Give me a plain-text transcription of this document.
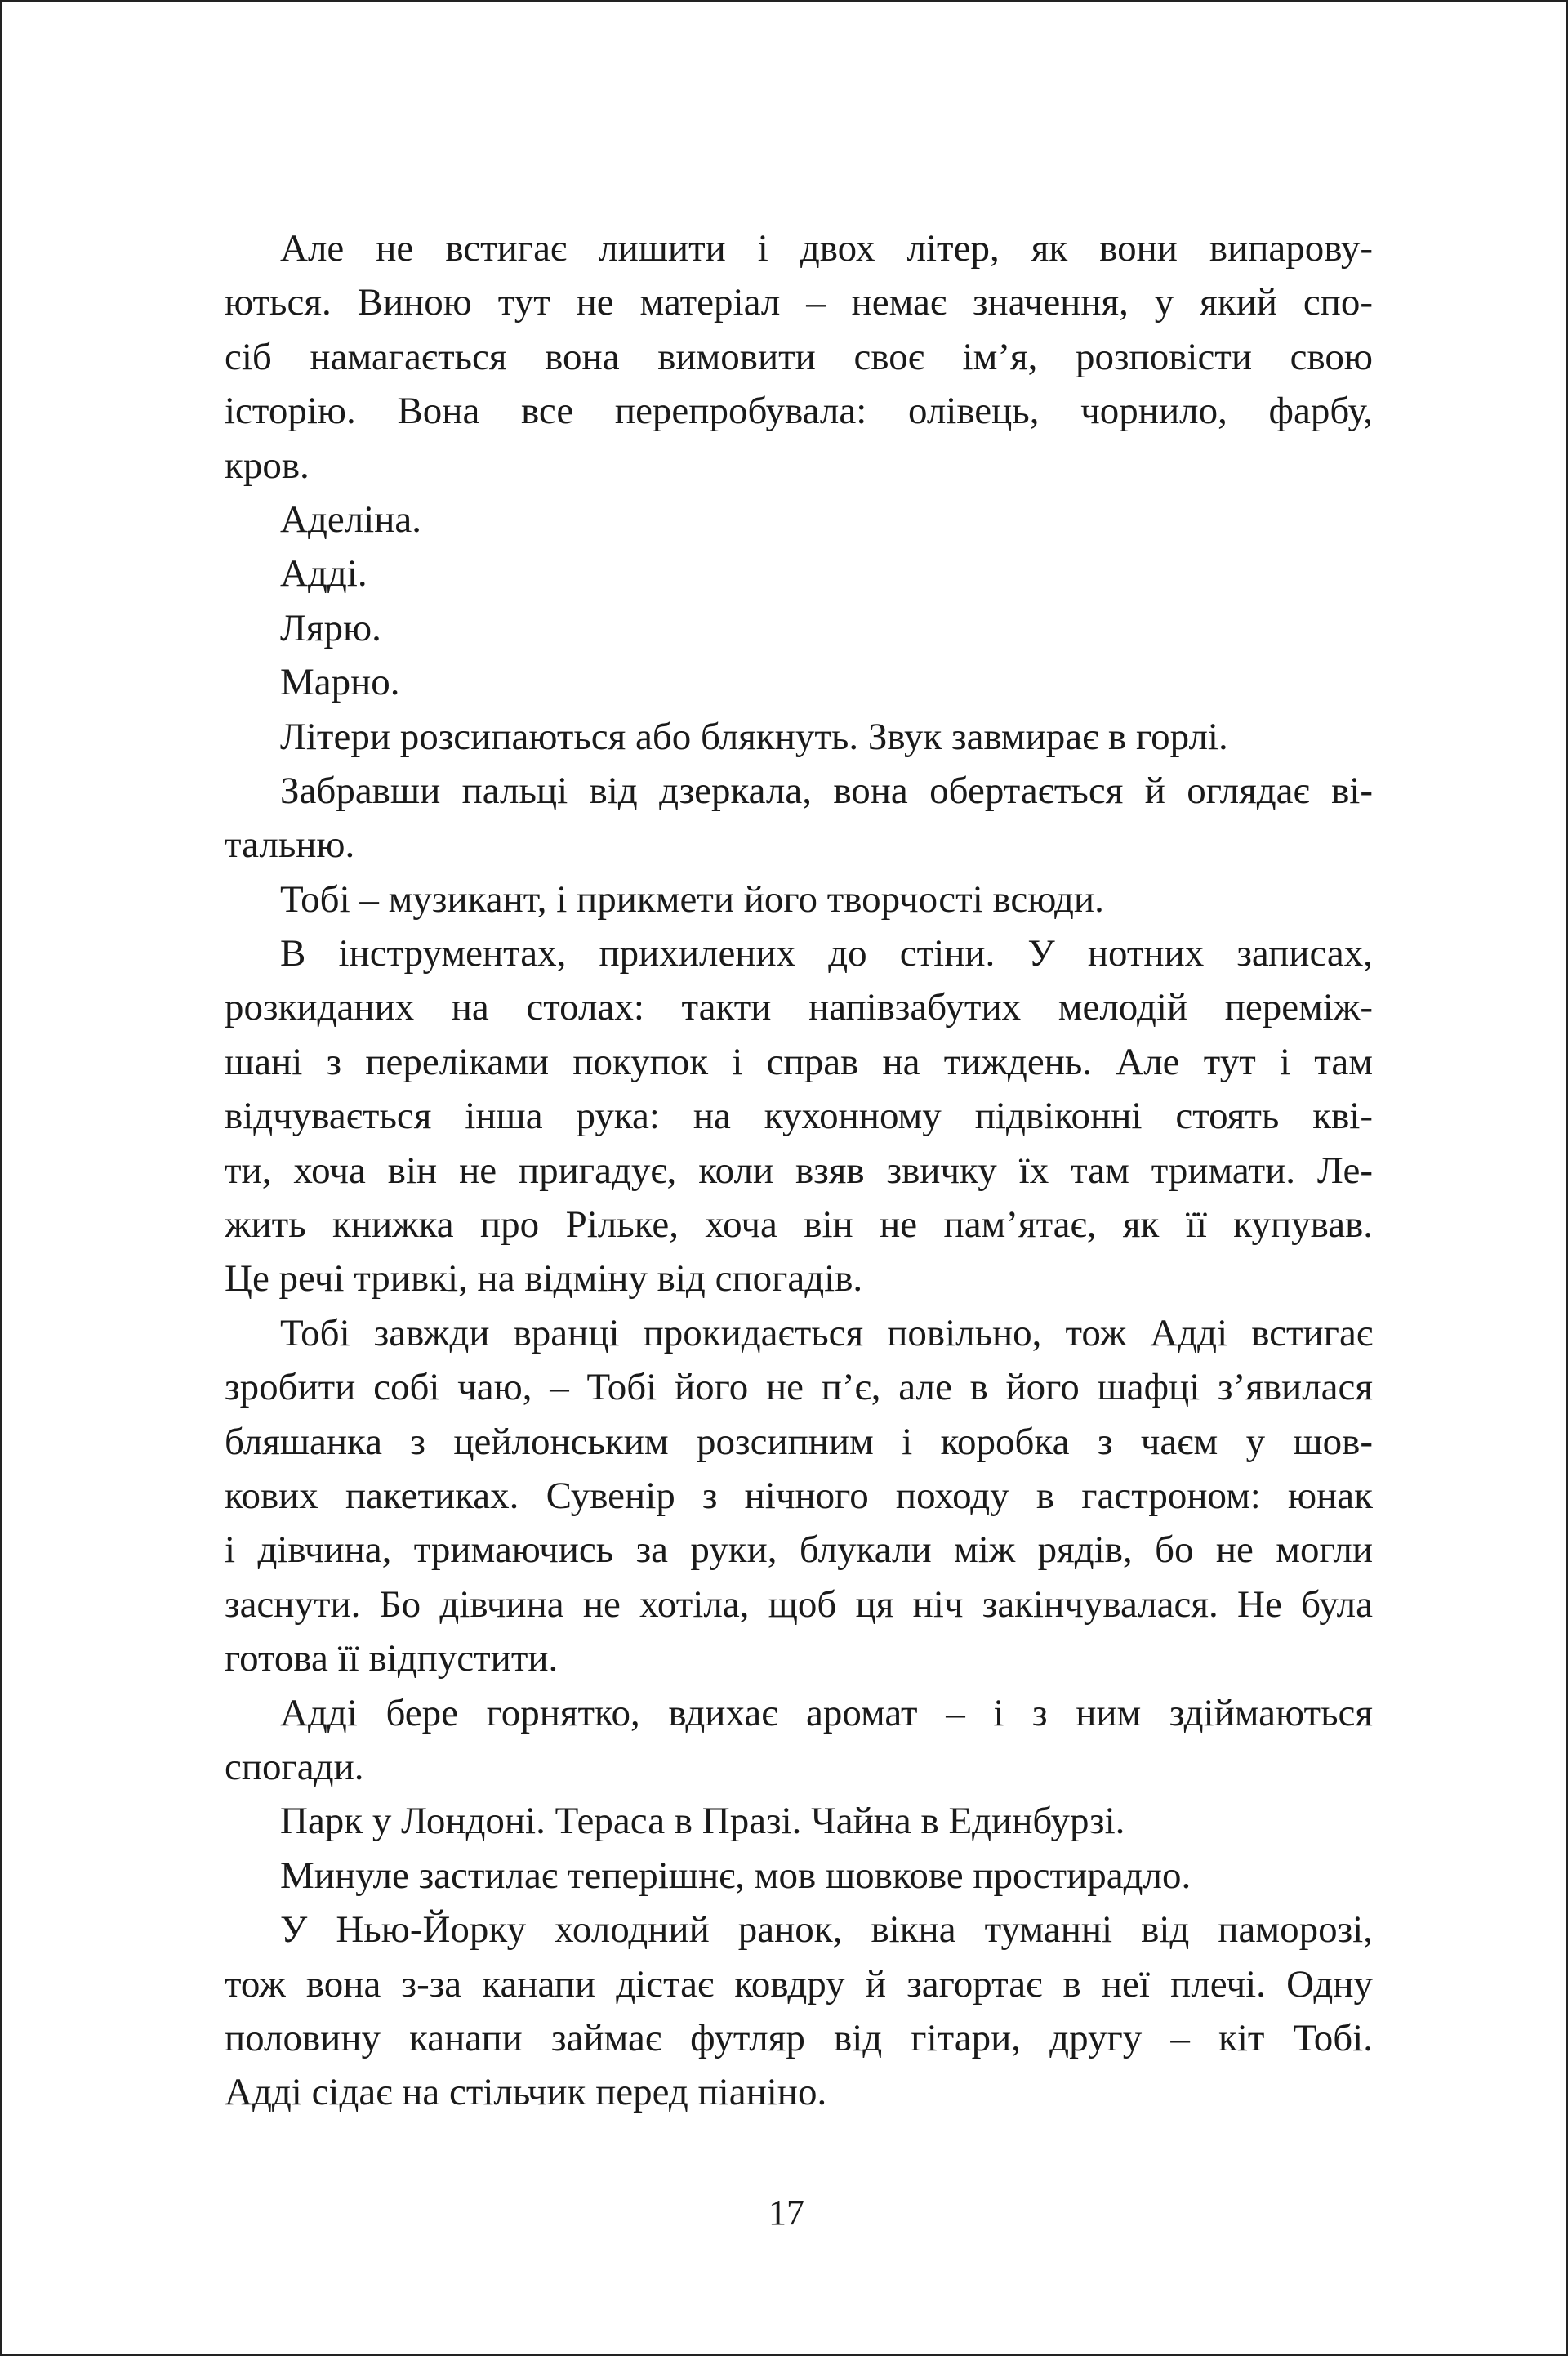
Але не встигає лишити і двох літер, як вони випарову-
ються. Виною тут не матеріал – немає значення, у який спо-
сіб намагається вона вимовити своє ім’я, розповісти свою
історію. Вона все перепробувала: олівець, чорнило, фарбу,
кров.
Аделіна.
Адді.
Лярю.
Марно.
Літери розсипаються або блякнуть. Звук завмирає в горлі.
Забравши пальці від дзеркала, вона обертається й оглядає ві-
тальню.
Тобі – музикант, і прикмети його творчості всюди.
В інструментах, прихилених до стіни. У нотних записах,
розкиданих на столах: такти напівзабутих мелодій переміж-
шані з переліками покупок і справ на тиждень. Але тут і там
відчувається інша рука: на кухонному підвіконні стоять кві-
ти, хоча він не пригадує, коли взяв звичку їх там тримати. Ле-
жить книжка про Рільке, хоча він не пам’ятає, як її купував.
Це речі тривкі, на відміну від спогадів.
Тобі завжди вранці прокидається повільно, тож Адді встигає
зробити собі чаю, – Тобі його не п’є, але в його шафці з’явилася
бляшанка з цейлонським розсипним і коробка з чаєм у шов-
кових пакетиках. Сувенір з нічного походу в гастроном: юнак
і дівчина, тримаючись за руки, блукали між рядів, бо не могли
заснути. Бо дівчина не хотіла, щоб ця ніч закінчувалася. Не була
готова її відпустити.
Адді бере горнятко, вдихає аромат – і з ним здіймаються
спогади.
Парк у Лондоні. Тераса в Празі. Чайна в Единбурзі.
Минуле застилає теперішнє, мов шовкове простирадло.
У Нью-Йорку холодний ранок, вікна туманні від паморозі,
тож вона з-за канапи дістає ковдру й загортає в неї плечі. Одну
половину канапи займає футляр від гітари, другу – кіт Тобі.
Адді сідає на стільчик перед піаніно.
17
